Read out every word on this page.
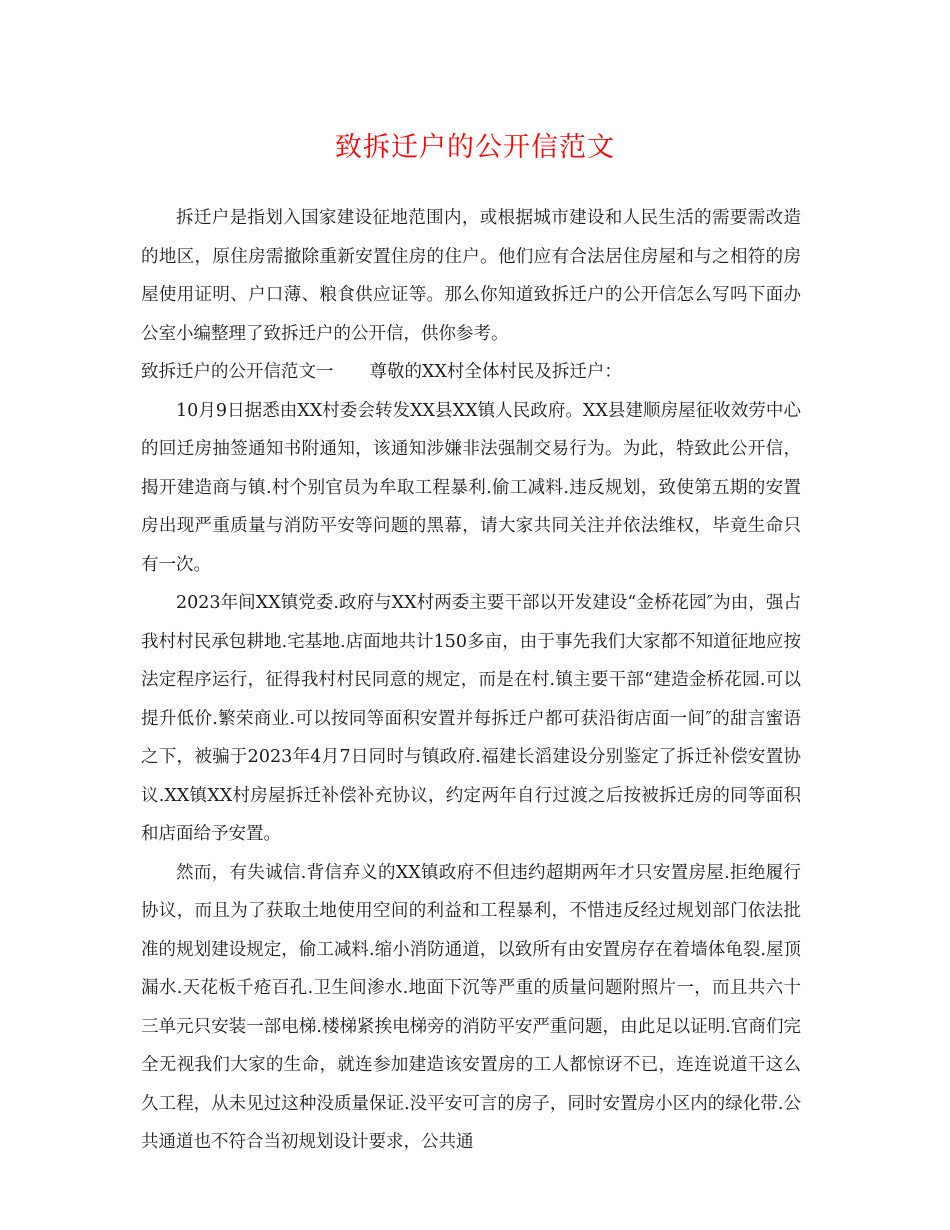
致拆迁户的公开信范文

拆迁户是指划入国家建设征地范围内，或根据城市建设和人民生活的需要需改造的地区，原住房需撤除重新安置住房的住户。他们应有合法居住房屋和与之相符的房屋使用证明、户口薄、粮食供应证等。那么你知道致拆迁户的公开信怎么写吗下面办公室小编整理了致拆迁户的公开信，供你参考。

致拆迁户的公开信范文一 尊敬的XX村全体村民及拆迁户：

10月9日据悉由XX村委会转发XX县XX镇人民政府。XX县建顺房屋征收效劳中心的回迁房抽签通知书附通知，该通知涉嫌非法强制交易行为。为此，特致此公开信，揭开建造商与镇.村个别官员为牟取工程暴利.偷工减料.违反规划，致使第五期的安置房出现严重质量与消防平安等问题的黑幕，请大家共同关注并依法维权，毕竟生命只有一次。

2023年间XX镇党委.政府与XX村两委主要干部以开发建设“金桥花园″为由，强占我村村民承包耕地.宅基地.店面地共计150多亩，由于事先我们大家都不知道征地应按法定程序运行，征得我村村民同意的规定，而是在村.镇主要干部“建造金桥花园.可以提升低价.繁荣商业.可以按同等面积安置并每拆迁户都可获沿街店面一间″的甜言蜜语之下，被骗于2023年4月7日同时与镇政府.福建长滔建设分别鉴定了拆迁补偿安置协议.XX镇XX村房屋拆迁补偿补充协议，约定两年自行过渡之后按被拆迁房的同等面积和店面给予安置。

然而，有失诚信.背信弃义的XX镇政府不但违约超期两年才只安置房屋.拒绝履行协议，而且为了获取土地使用空间的利益和工程暴利，不惜违反经过规划部门依法批准的规划建设规定，偷工减料.缩小消防通道，以致所有由安置房存在着墙体龟裂.屋顶漏水.天花板千疮百孔.卫生间渗水.地面下沉等严重的质量问题附照片一，而且共六十三单元只安装一部电梯.楼梯紧挨电梯旁的消防平安严重问题，由此足以证明.官商们完全无视我们大家的生命，就连参加建造该安置房的工人都惊讶不已，连连说道干这么久工程，从未见过这种没质量保证.没平安可言的房子，同时安置房小区内的绿化带.公共通道也不符合当初规划设计要求，公共通
